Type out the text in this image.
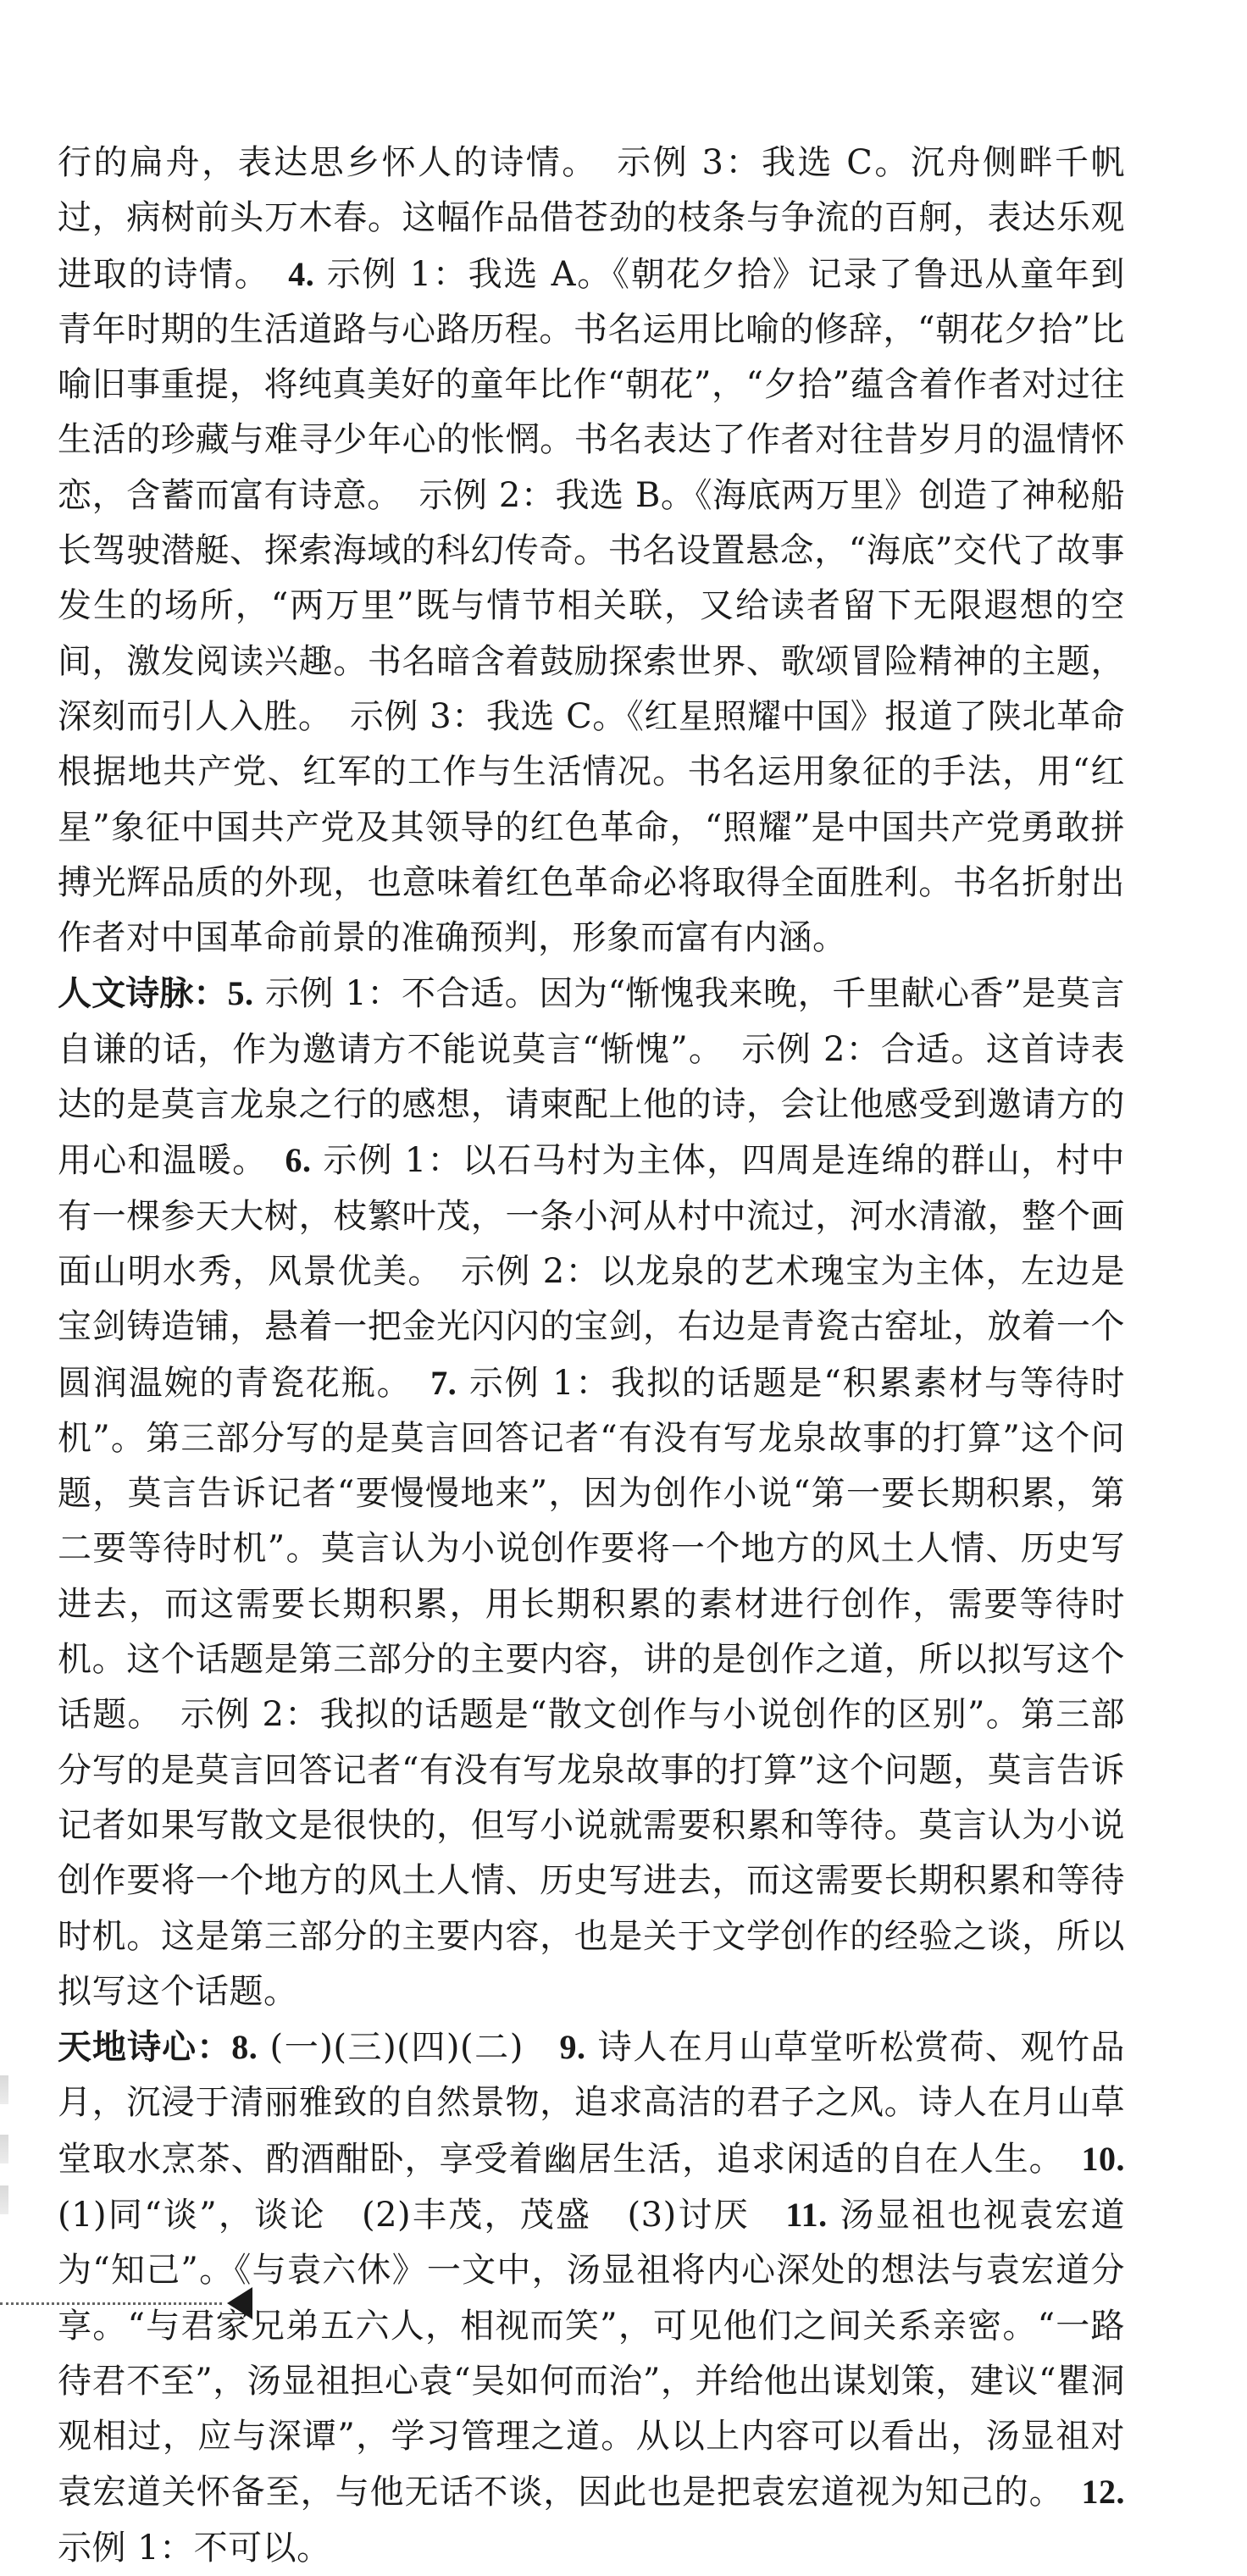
行的扁舟，表达思乡怀人的诗情。　示例 3：我选 C。沉舟侧畔千帆过，病树前头万木春。这幅作品借苍劲的枝条与争流的百舸，表达乐观进取的诗情。　4. 示例 1：我选 A。《朝花夕拾》记录了鲁迅从童年到青年时期的生活道路与心路历程。书名运用比喻的修辞，“朝花夕拾”比喻旧事重提，将纯真美好的童年比作“朝花”，“夕拾”蕴含着作者对过往生活的珍藏与难寻少年心的怅惘。书名表达了作者对往昔岁月的温情怀恋，含蓄而富有诗意。　示例 2：我选 B。《海底两万里》创造了神秘船长驾驶潜艇、探索海域的科幻传奇。书名设置悬念，“海底”交代了故事发生的场所，“两万里”既与情节相关联，又给读者留下无限遐想的空间，激发阅读兴趣。书名暗含着鼓励探索世界、歌颂冒险精神的主题，深刻而引人入胜。　示例 3：我选 C。《红星照耀中国》报道了陕北革命根据地共产党、红军的工作与生活情况。书名运用象征的手法，用“红星”象征中国共产党及其领导的红色革命，“照耀”是中国共产党勇敢拼搏光辉品质的外现，也意味着红色革命必将取得全面胜利。书名折射出作者对中国革命前景的准确预判，形象而富有内涵。

人文诗脉：5. 示例 1：不合适。因为“惭愧我来晚，千里献心香”是莫言自谦的话，作为邀请方不能说莫言“惭愧”。　示例 2：合适。这首诗表达的是莫言龙泉之行的感想，请柬配上他的诗，会让他感受到邀请方的用心和温暖。　6. 示例 1：以石马村为主体，四周是连绵的群山，村中有一棵参天大树，枝繁叶茂，一条小河从村中流过，河水清澈，整个画面山明水秀，风景优美。　示例 2：以龙泉的艺术瑰宝为主体，左边是宝剑铸造铺，悬着一把金光闪闪的宝剑，右边是青瓷古窑址，放着一个圆润温婉的青瓷花瓶。　7. 示例 1：我拟的话题是“积累素材与等待时机”。第三部分写的是莫言回答记者“有没有写龙泉故事的打算”这个问题，莫言告诉记者“要慢慢地来”，因为创作小说“第一要长期积累，第二要等待时机”。莫言认为小说创作要将一个地方的风土人情、历史写进去，而这需要长期积累，用长期积累的素材进行创作，需要等待时机。这个话题是第三部分的主要内容，讲的是创作之道，所以拟写这个话题。　示例 2：我拟的话题是“散文创作与小说创作的区别”。第三部分写的是莫言回答记者“有没有写龙泉故事的打算”这个问题，莫言告诉记者如果写散文是很快的，但写小说就需要积累和等待。莫言认为小说创作要将一个地方的风土人情、历史写进去，而这需要长期积累和等待时机。这是第三部分的主要内容，也是关于文学创作的经验之谈，所以拟写这个话题。

天地诗心：8. (一)(三)(四)(二)　9. 诗人在月山草堂听松赏荷、观竹品月，沉浸于清丽雅致的自然景物，追求高洁的君子之风。诗人在月山草堂取水烹茶、酌酒酣卧，享受着幽居生活，追求闲适的自在人生。　10. (1)同“谈”，谈论　(2)丰茂，茂盛　(3)讨厌　11. 汤显祖也视袁宏道为“知己”。《与袁六休》一文中，汤显祖将内心深处的想法与袁宏道分享。“与君家兄弟五六人，相视而笑”，可见他们之间关系亲密。“一路待君不至”，汤显祖担心袁“吴如何而治”，并给他出谋划策，建议“瞿洞观相过，应与深谭”，学习管理之道。从以上内容可以看出，汤显祖对袁宏道关怀备至，与他无话不谈，因此也是把袁宏道视为知己的。　12. 示例 1：不可以。
